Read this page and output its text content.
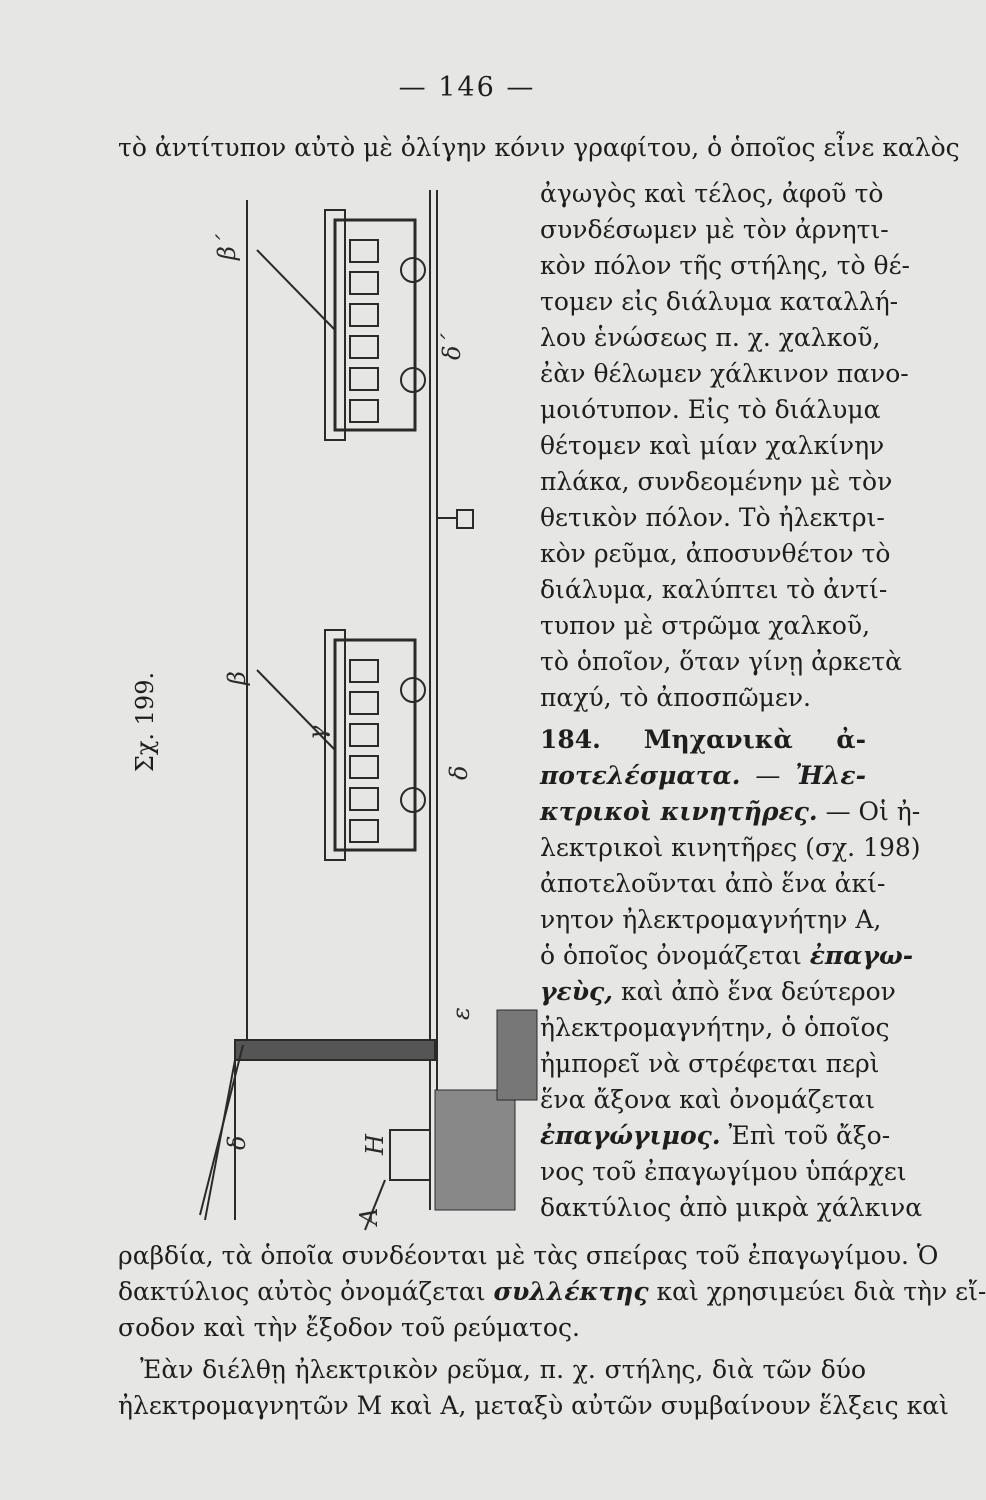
— 146 —
τὸ ἀντίτυπον αὐτὸ μὲ ὀλίγην κόνιν γραφίτου, ὁ ὁποῖος εἶνε καλὸς
Σχ. 199.
β΄
δ΄
β
γ
δ
δ	Η
Α
ε
ἀγωγὸς καὶ τέλος, ἀφοῦ τὸ
συνδέσωμεν μὲ τὸν ἀρνητι-
κὸν πόλον τῆς στήλης, τὸ θέ-
τομεν εἰς διάλυμα καταλλή-
λου ἑνώσεως π. χ. χαλκοῦ,
ἐὰν θέλωμεν χάλκινον πανο-
μοιότυπον. Εἰς τὸ διάλυμα
θέτομεν καὶ μίαν χαλκίνην
πλάκα, συνδεομένην μὲ τὸν
θετικὸν πόλον. Τὸ ἠλεκτρι-
κὸν ρεῦμα, ἀποσυνθέτον τὸ
διάλυμα, καλύπτει τὸ ἀντί-
τυπον μὲ στρῶμα χαλκοῦ,
τὸ ὁποῖον, ὅταν γίνῃ ἀρκετὰ
παχύ, τὸ ἀποσπῶμεν.
184. Μηχανικὰ ἀ-
ποτελέσματα. — Ἠλε-
κτρικοὶ κινητῆρες. — Οἱ ἠ-
λεκτρικοὶ κινητῆρες (σχ. 198)
ἀποτελοῦνται ἀπὸ ἕνα ἀκί-
νητον ἠλεκτρομαγνήτην Α,
ὁ ὁποῖος ὀνομάζεται ἐπαγω-
γεὺς, καὶ ἀπὸ ἕνα δεύτερον
ἠλεκτρομαγνήτην, ὁ ὁποῖος
ἠμπορεῖ νὰ στρέφεται περὶ
ἕνα ἄξονα καὶ ὀνομάζεται
ἐπαγώγιμος. Ἐπὶ τοῦ ἄξο-
νος τοῦ ἐπαγωγίμου ὑπάρχει
δακτύλιος ἀπὸ μικρὰ χάλκινα
ραβδία, τὰ ὁποῖα συνδέονται μὲ τὰς σπείρας τοῦ ἐπαγωγίμου. Ὁ
δακτύλιος αὐτὸς ὀνομάζεται συλλέκτης καὶ χρησιμεύει διὰ τὴν εἴ-
σοδον καὶ τὴν ἔξοδον τοῦ ρεύματος.
Ἐὰν διέλθῃ ἠλεκτρικὸν ρεῦμα, π. χ. στήλης, διὰ τῶν δύο
ἠλεκτρομαγνητῶν Μ καὶ Α, μεταξὺ αὐτῶν συμβαίνουν ἕλξεις καὶ
